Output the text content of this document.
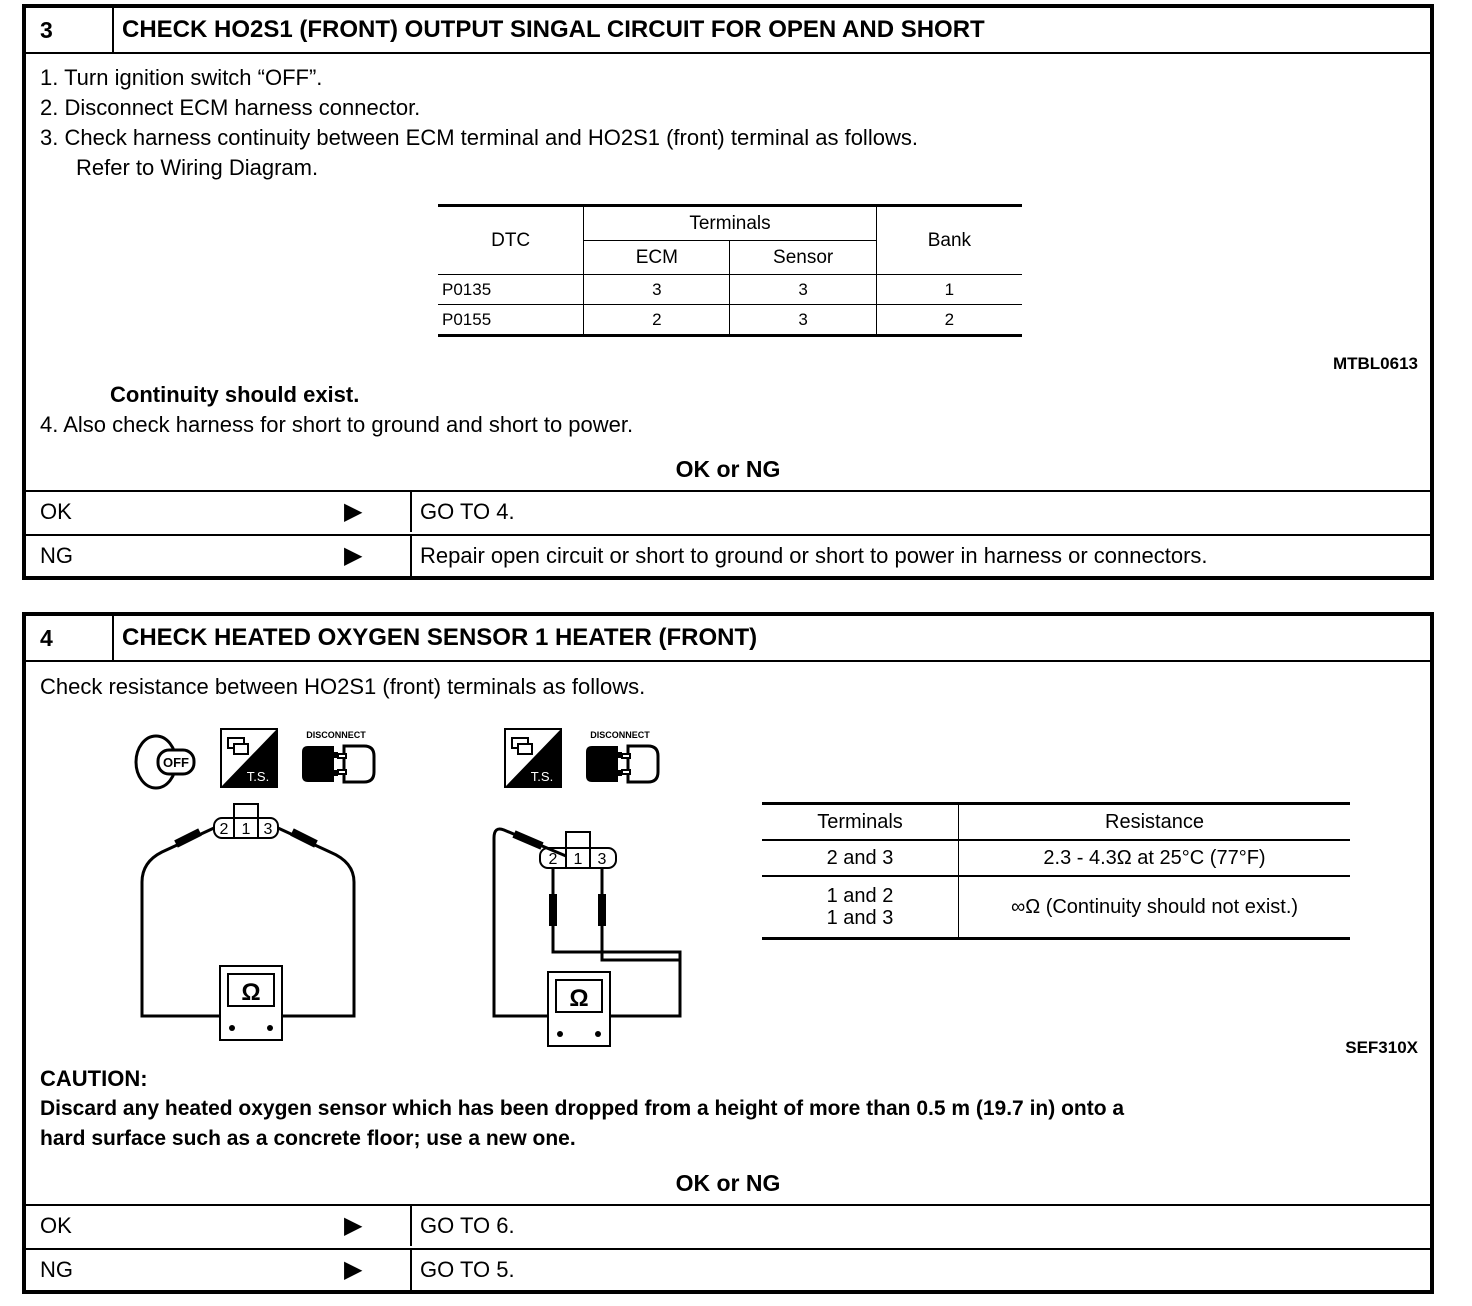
3	CHECK HO2S1 (FRONT) OUTPUT SINGAL CIRCUIT FOR OPEN AND SHORT
1. Turn ignition switch “OFF”.
2. Disconnect ECM harness connector.
3. Check harness continuity between ECM terminal and HO2S1 (front) terminal as follows.
Refer to Wiring Diagram.
DTC	Terminals		Bank
	ECM	Sensor	
P0135	3	3	1
P0155	2	3	2
MTBL0613
Continuity should exist.
4. Also check harness for short to ground and short to power.
OK or NG
OK	▶	GO TO 4.
NG	▶	Repair open circuit or short to ground or short to power in harness or connectors.
4	CHECK HEATED OXYGEN SENSOR 1 HEATER (FRONT)
Check resistance between HO2S1 (front) terminals as follows.
OFF
T.S.
DISCONNECT
T.S.
DISCONNECT
2 1 3
Ω
2 1 3
Ω
Terminals	Resistance
2 and 3	2.3 - 4.3Ω at 25°C (77°F)

1 and 2
1 and 3	∞Ω (Continuity should not exist.)
SEF310X
CAUTION:
Discard any heated oxygen sensor which has been dropped from a height of more than 0.5 m (19.7 in) onto a
hard surface such as a concrete floor; use a new one.
OK or NG
OK	▶	GO TO 6.
NG	▶	GO TO 5.
